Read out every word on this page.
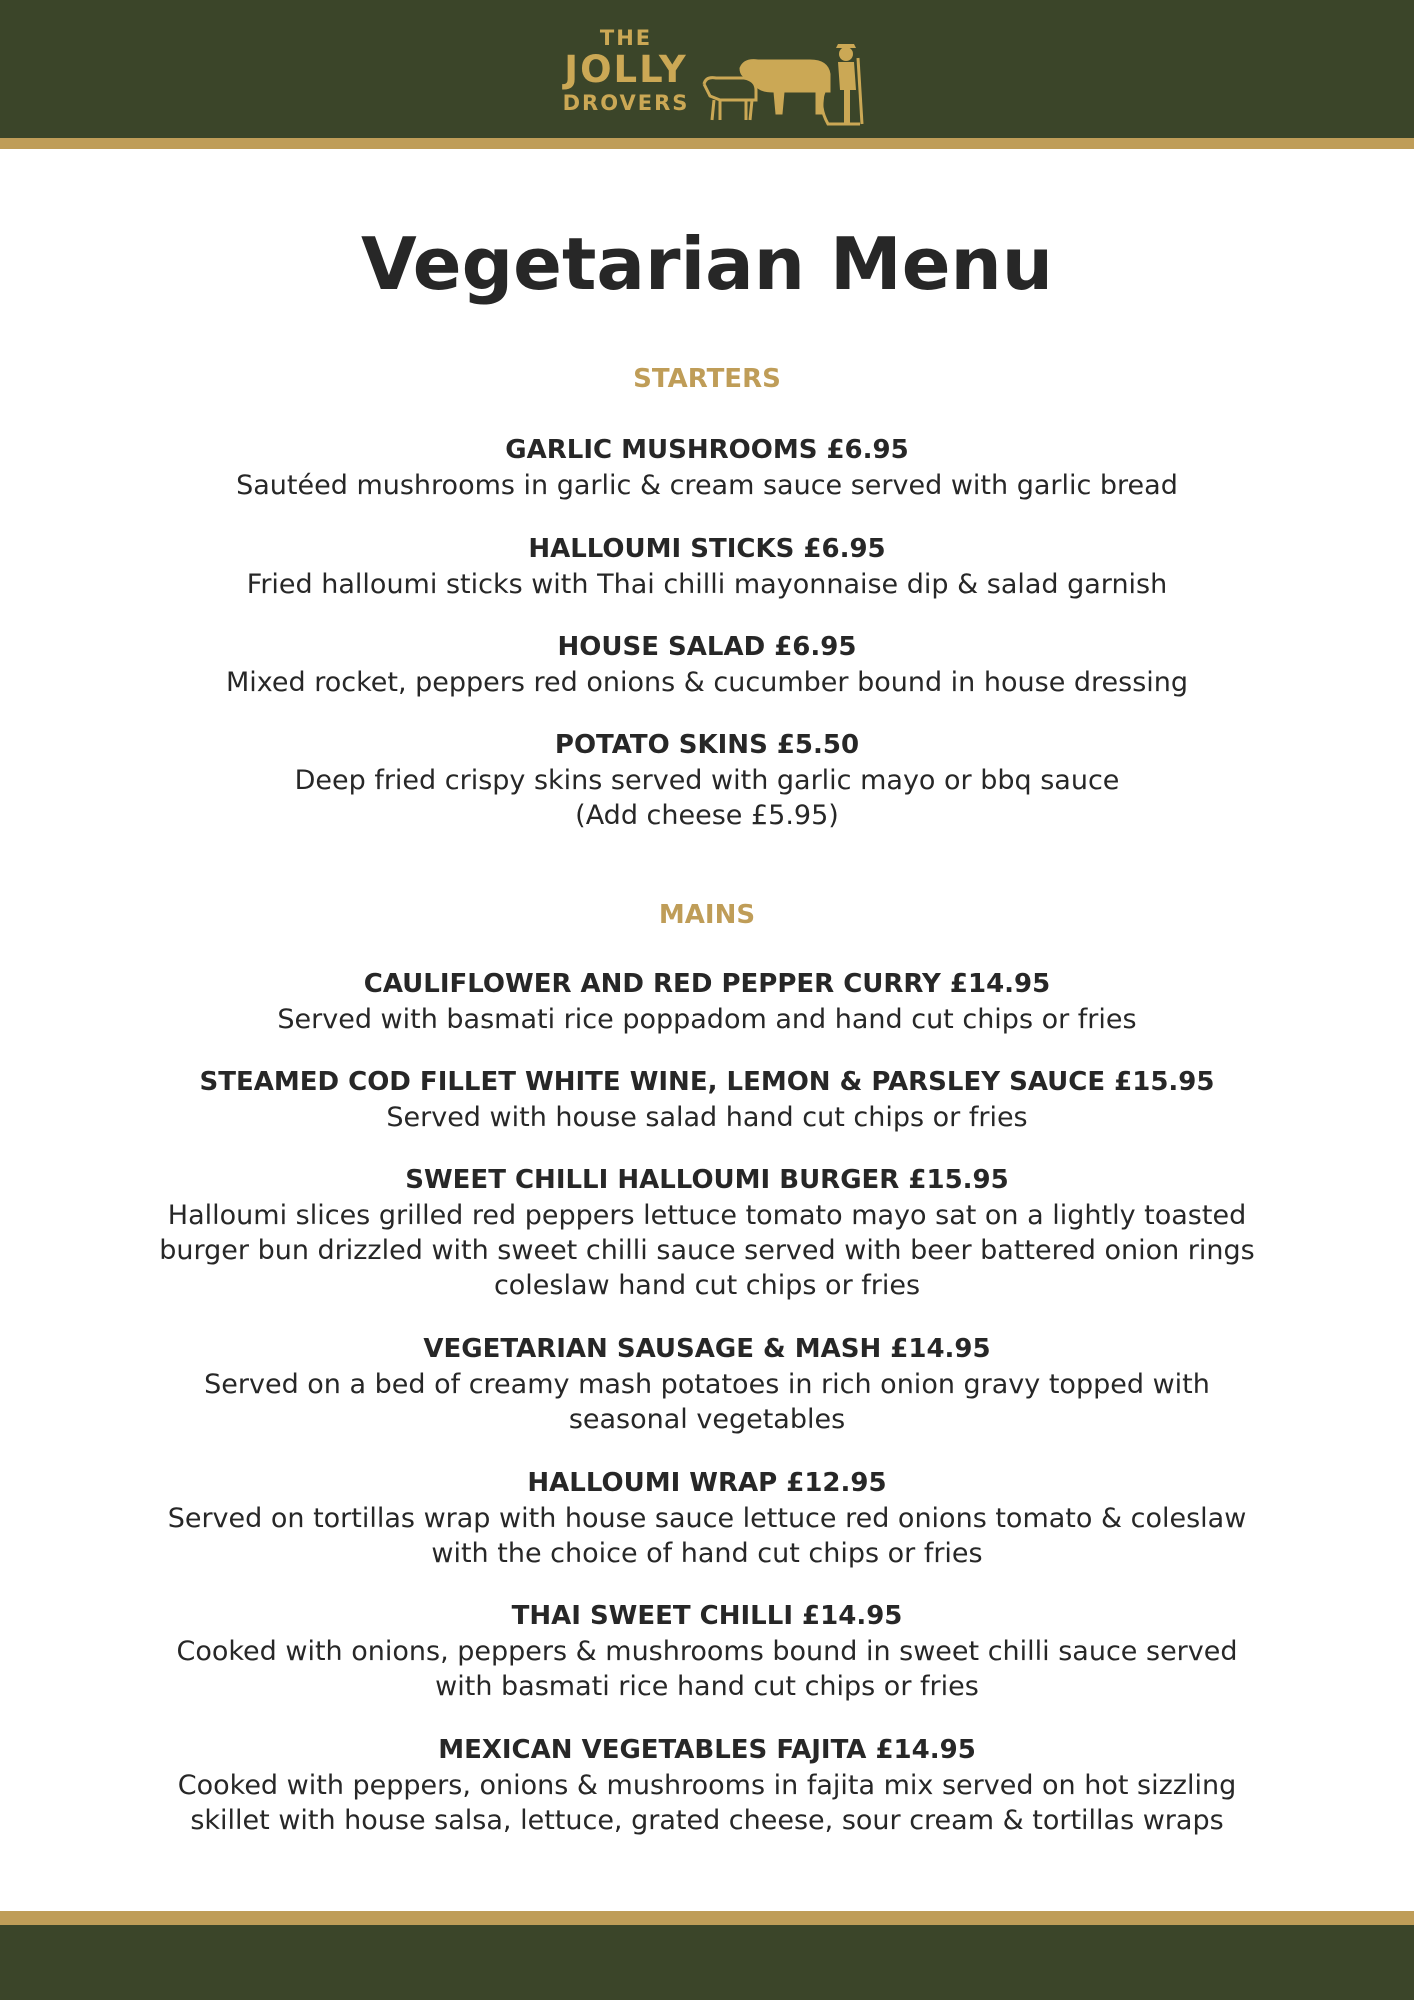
THE
JOLLY
DROVERS
Vegetarian Menu
STARTERS
GARLIC MUSHROOMS £6.95
Sautéed mushrooms in garlic & cream sauce served with garlic bread
HALLOUMI STICKS £6.95
Fried halloumi sticks with Thai chilli mayonnaise dip & salad garnish
HOUSE SALAD £6.95
Mixed rocket, peppers red onions & cucumber bound in house dressing
POTATO SKINS £5.50
Deep fried crispy skins served with garlic mayo or bbq sauce
(Add cheese £5.95)
MAINS
CAULIFLOWER AND RED PEPPER CURRY £14.95
Served with basmati rice poppadom and hand cut chips or fries
STEAMED COD FILLET WHITE WINE, LEMON & PARSLEY SAUCE £15.95
Served with house salad hand cut chips or fries
SWEET CHILLI HALLOUMI BURGER £15.95
Halloumi slices grilled red peppers lettuce tomato mayo sat on a lightly toasted
burger bun drizzled with sweet chilli sauce served with beer battered onion rings
coleslaw hand cut chips or fries
VEGETARIAN SAUSAGE & MASH £14.95
Served on a bed of creamy mash potatoes in rich onion gravy topped with
seasonal vegetables
HALLOUMI WRAP £12.95
Served on tortillas wrap with house sauce lettuce red onions tomato & coleslaw
with the choice of hand cut chips or fries
THAI SWEET CHILLI £14.95
Cooked with onions, peppers & mushrooms bound in sweet chilli sauce served
with basmati rice hand cut chips or fries
MEXICAN VEGETABLES FAJITA £14.95
Cooked with peppers, onions & mushrooms in fajita mix served on hot sizzling
skillet with house salsa, lettuce, grated cheese, sour cream & tortillas wraps
